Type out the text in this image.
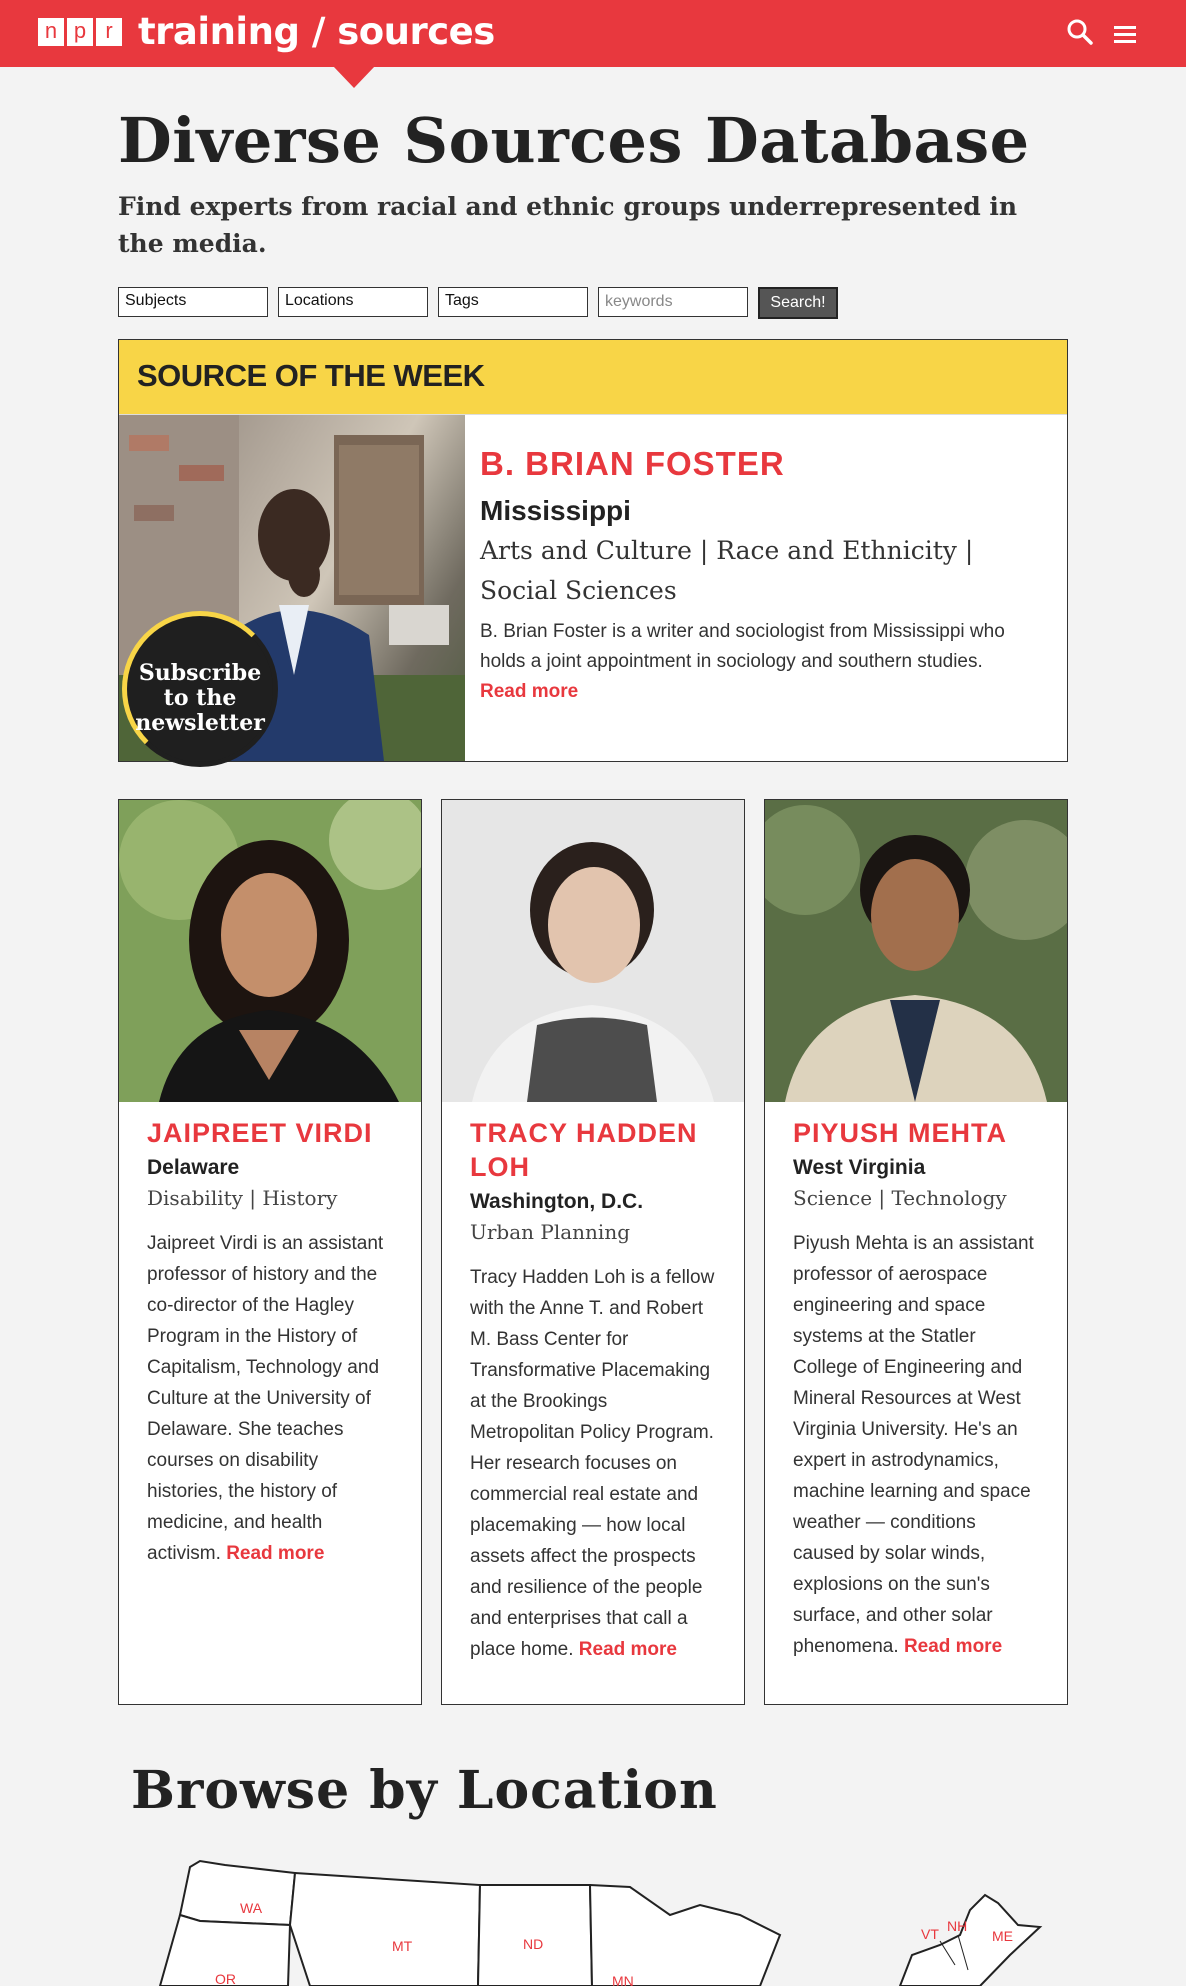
n p r training / sources
Diverse Sources Database

Find experts from racial and ethnic groups underrepresented in the media.

Subjects	Locations	Tags
keywords	Search!
SOURCE OF THE WEEK
B. BRIAN FOSTER
Mississippi
Arts and Culture | Race and Ethnicity | Social Sciences
B. Brian Foster is a writer and sociologist from Mississippi who holds a joint appointment in sociology and southern studies.
Read more
Subscribe
to the
newsletter
JAIPREET VIRDI
Delaware
Disability | History
Jaipreet Virdi is an assistant professor of history and the co-director of the Hagley Program in the History of Capitalism, Technology and Culture at the University of Delaware. She teaches courses on disability histories, the history of medicine, and health activism. Read more
TRACY HADDEN LOH
Washington, D.C.
Urban Planning
Tracy Hadden Loh is a fellow with the Anne T. and Robert M. Bass Center for Transformative Placemaking at the Brookings Metropolitan Policy Program. Her research focuses on commercial real estate and placemaking — how local assets affect the prospects and resilience of the people and enterprises that call a place home. Read more
PIYUSH MEHTA
West Virginia
Science | Technology
Piyush Mehta is an assistant professor of aerospace engineering and space systems at the Statler College of Engineering and Mineral Resources at West Virginia University. He's an expert in astrodynamics, machine learning and space weather — conditions caused by solar winds, explosions on the sun's surface, and other solar phenomena. Read more
Browse by Location
WA
OR
MT	ND
MN
VT NH
ME
